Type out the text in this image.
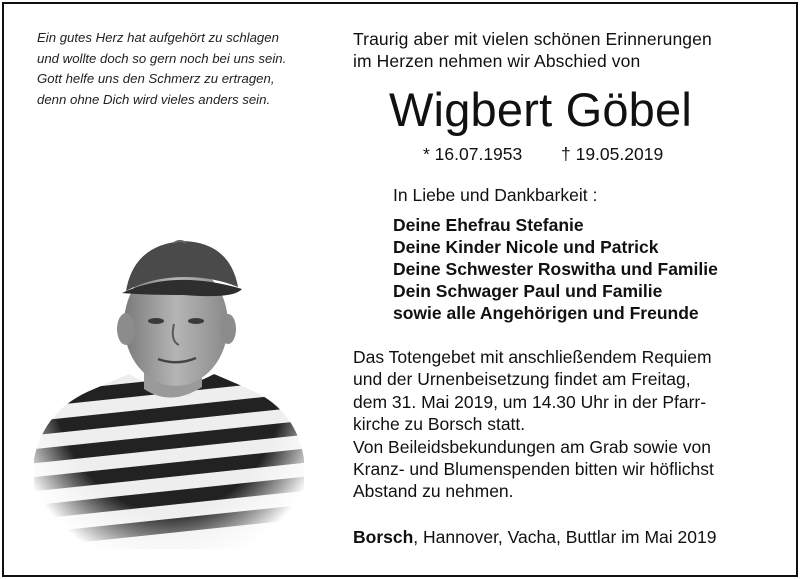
Ein gutes Herz hat aufgehört zu schlagen
und wollte doch so gern noch bei uns sein.
Gott helfe uns den Schmerz zu ertragen,
denn ohne Dich wird vieles anders sein.
Traurig aber mit vielen schönen Erinnerungen
im Herzen nehmen wir Abschied von
Wigbert Göbel
* 16.07.1953 † 19.05.2019
In Liebe und Dankbarkeit :
Deine Ehefrau Stefanie
Deine Kinder Nicole und Patrick
Deine Schwester Roswitha und Familie
Dein Schwager Paul und Familie
sowie alle Angehörigen und Freunde
Das Totengebet mit anschließendem Requiem
und der Urnenbeisetzung findet am Freitag,
dem 31. Mai 2019, um 14.30 Uhr in der Pfarr-
kirche zu Borsch statt.
Von Beileidsbekundungen am Grab sowie von
Kranz- und Blumenspenden bitten wir höflichst
Abstand zu nehmen.
Borsch, Hannover, Vacha, Buttlar im Mai 2019
